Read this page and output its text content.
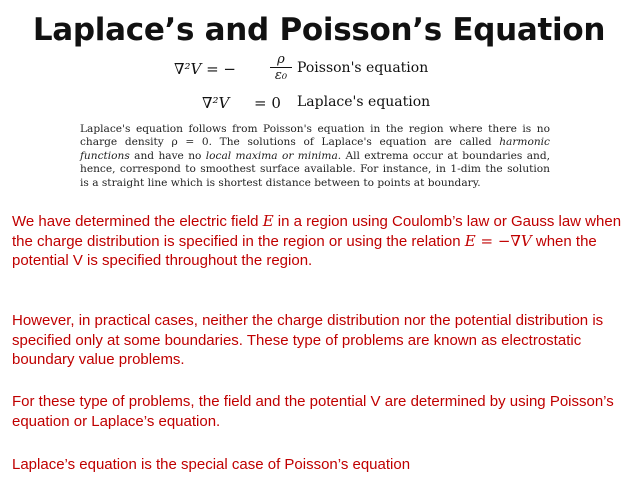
Laplace’s and Poisson’s Equation
∇²V = −	$\frac{\rho}{\text{ε₀}}$ Poisson's equation
∇²V = 0 Laplace's equation
Laplace's equation follows from Poisson's equation in the region where there is no charge density ρ = 0. The solutions of Laplace's equation are called harmonic functions and have no local maxima or minima. All extrema occur at boundaries and, hence, correspond to smoothest surface available. For instance, in 1-dim the solution is a straight line which is shortest distance between to points at boundary.
We have determined the electric field E in a region using Coulomb’s law or Gauss law when the charge distribution is specified in the region or using the relation E = −∇V when the potential V is specified throughout the region.
However, in practical cases, neither the charge distribution nor the potential distribution is specified only at some boundaries. These type of problems are known as electrostatic boundary value problems.
For these type of problems, the field and the potential V are determined by using Poisson’s equation or Laplace’s equation.
Laplace’s equation is the special case of Poisson’s equation
